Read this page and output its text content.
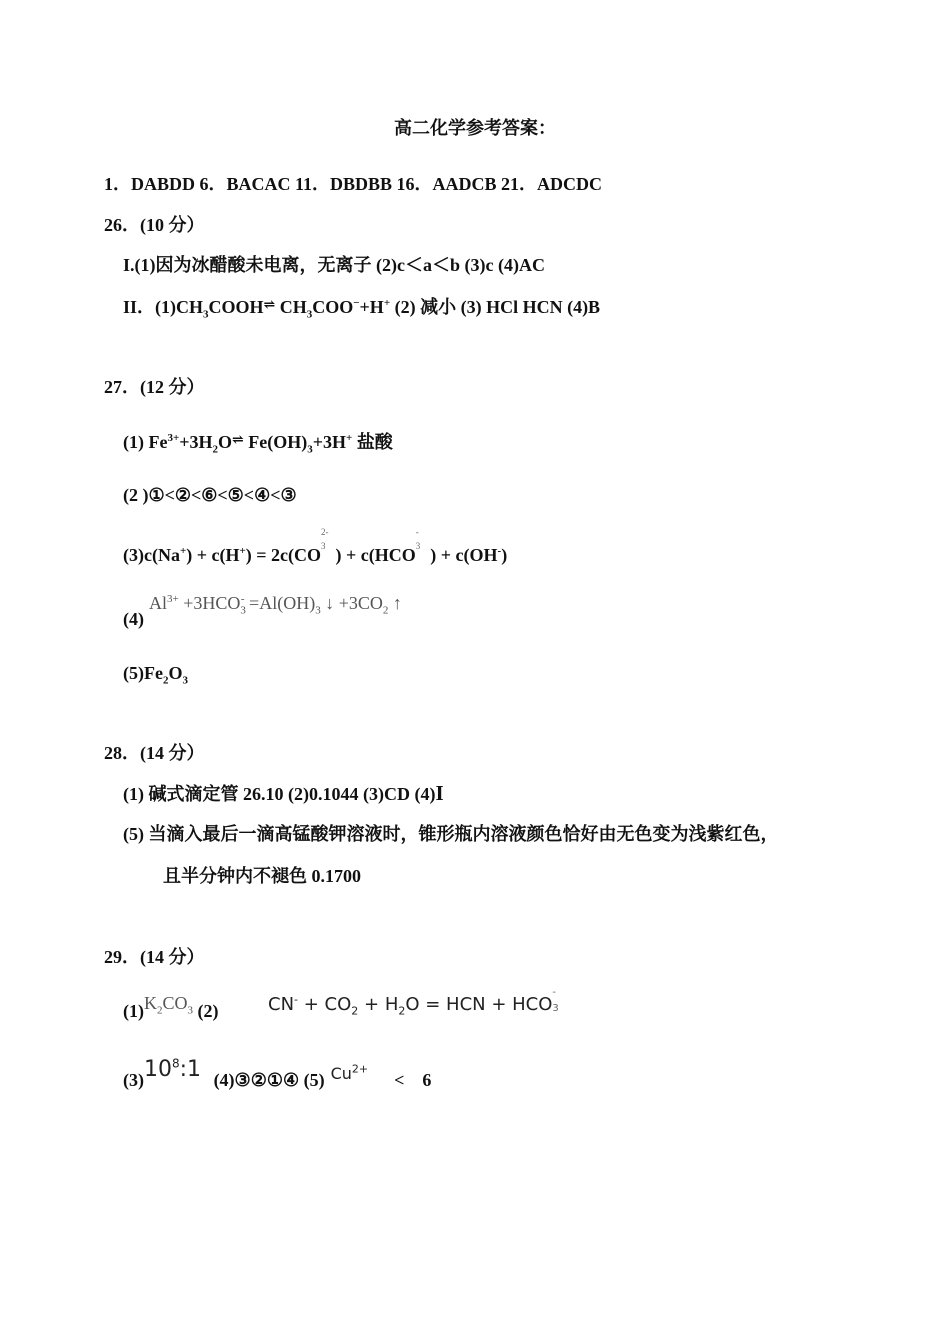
高二化学参考答案：
1．DABDD 6．BACAC 11．DBDBB 16．AADCB 21．ADCDC
26．(10 分）
I.(1)因为冰醋酸未电离，无离子 (2)c＜a＜b (3)c (4)AC
II．$(1)CH_3COOH^\rightleftharpoons$ $CH_3COO^-+H^+$ (2) 减小 (3) HCl HCN (4)B
27．(12 分）
(1) $Fe^{3+}+3H_2O^\rightleftharpoons$ $Fe(OH)_3+3H^+$ 盐酸
(2 )①<②<⑥<⑤<④<③
(3)c(Na+) + c(H+) = 2c(CO
2-
3 ) + c(HCO
-
3 ) + c(OH-)
(4)
$Al^{3+} +3HCO_3^- =Al(OH)_3$ ↓ $+3CO_2$ ↑
$(5)Fe_2O_3$
28．(14 分）
(1) 碱式滴定管 26.10 (2)0.1044 (3)CD (4)I
(5) 当滴入最后一滴高锰酸钾溶液时，锥形瓶内溶液颜色恰好由无色变为浅紫红色，
且半分钟内不褪色 0.1700
29．(14 分）
$(1)K_2CO_3$ (2)	$CN^- + CO_2 + H_2O$ = HCN + HCO
-
3
$(3)10^8:1$ (4)③②①④ (5) $Cu^{2+}< 6$
